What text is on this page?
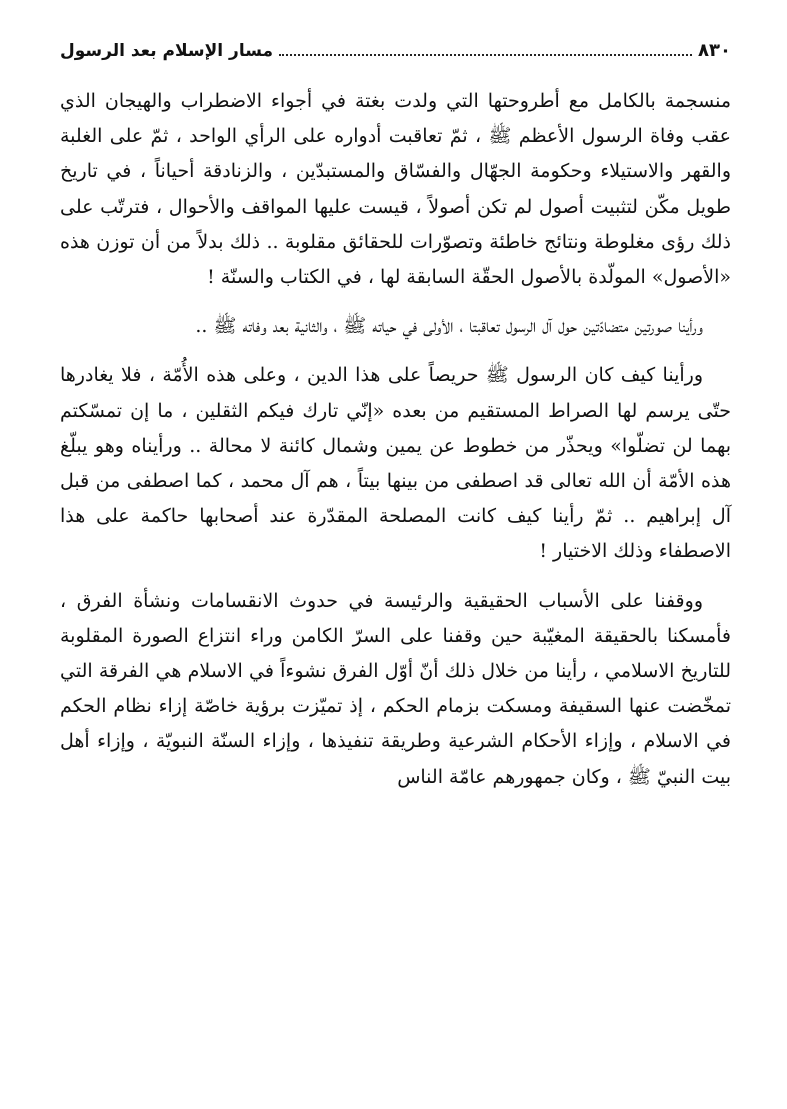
٨٣٠
مسار الإسلام بعد الرسول

منسجمة بالكامل مع أطروحتها التي ولدت بغتة في أجواء الاضطراب والهيجان الذي عقب وفاة الرسول الأعظم ﷺ ، ثمّ تعاقبت أدواره على الرأي الواحد ، ثمّ على الغلبة والقهر والاستيلاء وحكومة الجهّال والفسّاق والمستبدّين ، والزنادقة أحياناً ، في تاريخ طويل مكّن لتثبيت أصول لم تكن أصولاً ، قيست عليها المواقف والأحوال ، فترتّب على ذلك رؤى مغلوطة ونتائج خاطئة وتصوّرات للحقائق مقلوبة .. ذلك بدلاً من أن توزن هذه «الأصول» المولّدة بالأصول الحقّة السابقة لها ، في الكتاب والسنّة !

ورأينا صورتين متضادّتين حول آل الرسول تعاقبتا ، الأولى في حياته ﷺ ، والثانية بعد وفاته ﷺ ..

ورأينا كيف كان الرسول ﷺ حريصاً على هذا الدين ، وعلى هذه الأُمّة ، فلا يغادرها حتّى يرسم لها الصراط المستقيم من بعده «إنّي تارك فيكم الثقلين ، ما إن تمسّكتم بهما لن تضلّوا» ويحذّر من خطوط عن يمين وشمال كائنة لا محالة .. ورأيناه وهو يبلّغ هذه الأمّة أن الله تعالى قد اصطفى من بينها بيتاً ، هم آل محمد ، كما اصطفى من قبل آل إبراهيم .. ثمّ رأينا كيف كانت المصلحة المقدّرة عند أصحابها حاكمة على هذا الاصطفاء وذلك الاختيار !

ووقفنا على الأسباب الحقيقية والرئيسة في حدوث الانقسامات ونشأة الفرق ، فأمسكنا بالحقيقة المغيّبة حين وقفنا على السرّ الكامن وراء انتزاع الصورة المقلوبة للتاريخ الاسلامي ، رأينا من خلال ذلك أنّ أوّل الفرق نشوءاً في الاسلام هي الفرقة التي تمخّضت عنها السقيفة ومسكت بزمام الحكم ، إذ تميّزت برؤية خاصّة إزاء نظام الحكم في الاسلام ، وإزاء الأحكام الشرعية وطريقة تنفيذها ، وإزاء السنّة النبويّة ، وإزاء أهل بيت النبيّ ﷺ ، وكان جمهورهم عامّة الناس
